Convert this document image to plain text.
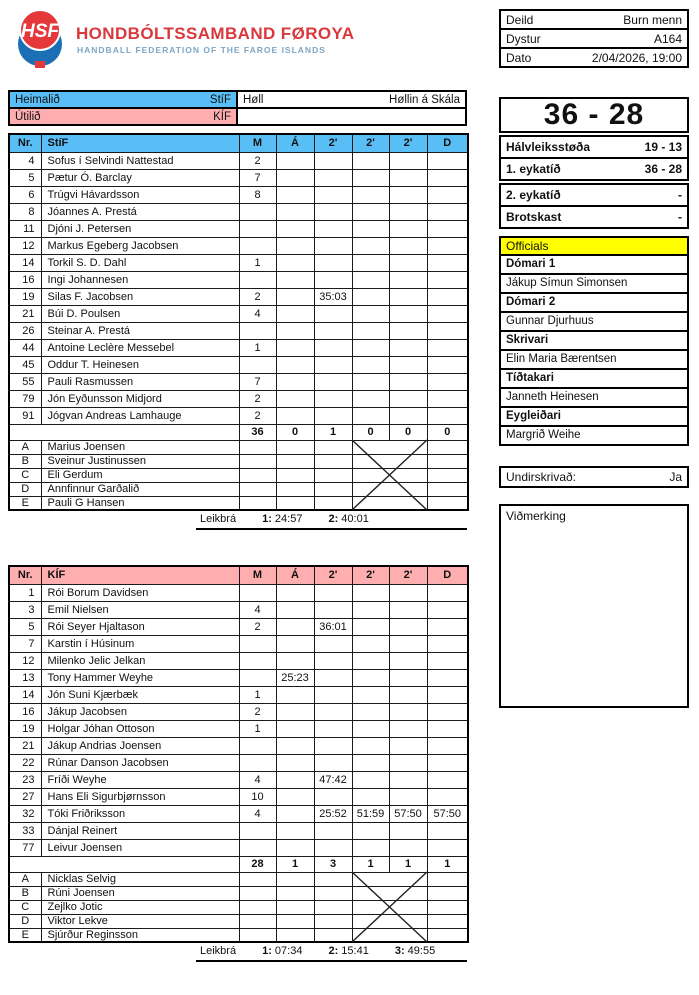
HSF HONDBÓLTSSAMBAND FØROYA
HANDBALL FEDERATION OF THE FAROE ISLANDS
Deild	Burn menn
Dystur	A164
Dato	2/04/2026, 19:00
Heimalið	StíF Høll	Høllin á Skála
Útilið	KÍF
Nr.	StíF	M	Á	2'	2'	2'	D
4	Sofus í Selvindi Nattestad	2					
5	Pætur Ó. Barclay	7					
6	Trúgvi Hávardsson	8					
8	Jóannes A. Prestá						
11	Djóni J. Petersen						
12	Markus Egeberg Jacobsen						
14	Torkil S. D. Dahl	1					
16	Ingi Johannesen						
19	Silas F. Jacobsen	2		35:03			
21	Búi D. Poulsen	4					
26	Steinar A. Prestá						
44	Antoine Leclère Messebel	1					
45	Oddur T. Heinesen						
55	Pauli Rasmussen	7					
79	Jón Eyðunsson Midjord	2					
91	Jógvan Andreas Lamhauge	2					
		36	0	1	0	0	0
A	Marius Joensen						
B	Sveinur Justinussen						
C	Eli Gerdum						
D	Annfinnur Garðalið						
E	Pauli G Hansen						
Leikbrá 1: 24:57 2: 40:01
Nr.	KÍF	M	Á	2'	2'	2'	D
1	Rói Borum Davidsen						
3	Emil Nielsen	4					
5	Rói Seyer Hjaltason	2		36:01			
7	Karstin í Húsinum						
12	Milenko Jelic Jelkan						
13	Tony Hammer Weyhe		25:23				
14	Jón Suni Kjærbæk	1					
16	Jákup Jacobsen	2					
19	Holgar Jóhan Ottoson	1					
21	Jákup Andrias Joensen						
22	Rúnar Danson Jacobsen						
23	Fríði Weyhe	4		47:42			
27	Hans Eli Sigurbjørnsson	10					
32	Tóki Friðriksson	4		25:52	51:59	57:50	57:50
33	Dánjal Reinert						
77	Leivur Joensen						
		28	1	3	1	1	1
A	Nicklas Selvig						
B	Rúni Joensen						
C	Zejlko Jotic						
D	Viktor Lekve						
E	Sjúrður Reginsson						
Leikbrá 1: 07:34 2: 15:41 3: 49:55
36 - 28
Hálvleiksstøða	19 - 13
1. eykatíð	36 - 28
2. eykatíð	-
Brotskast	-
Officials
Dómari 1
Jákup Símun Simonsen
Dómari 2
Gunnar Djurhuus
Skrivari
Elin Maria Bærentsen
Tíðtakari
Janneth Heinesen
Eygleiðari
Margrið Weihe
Undirskrivað:	Ja
Viðmerking
